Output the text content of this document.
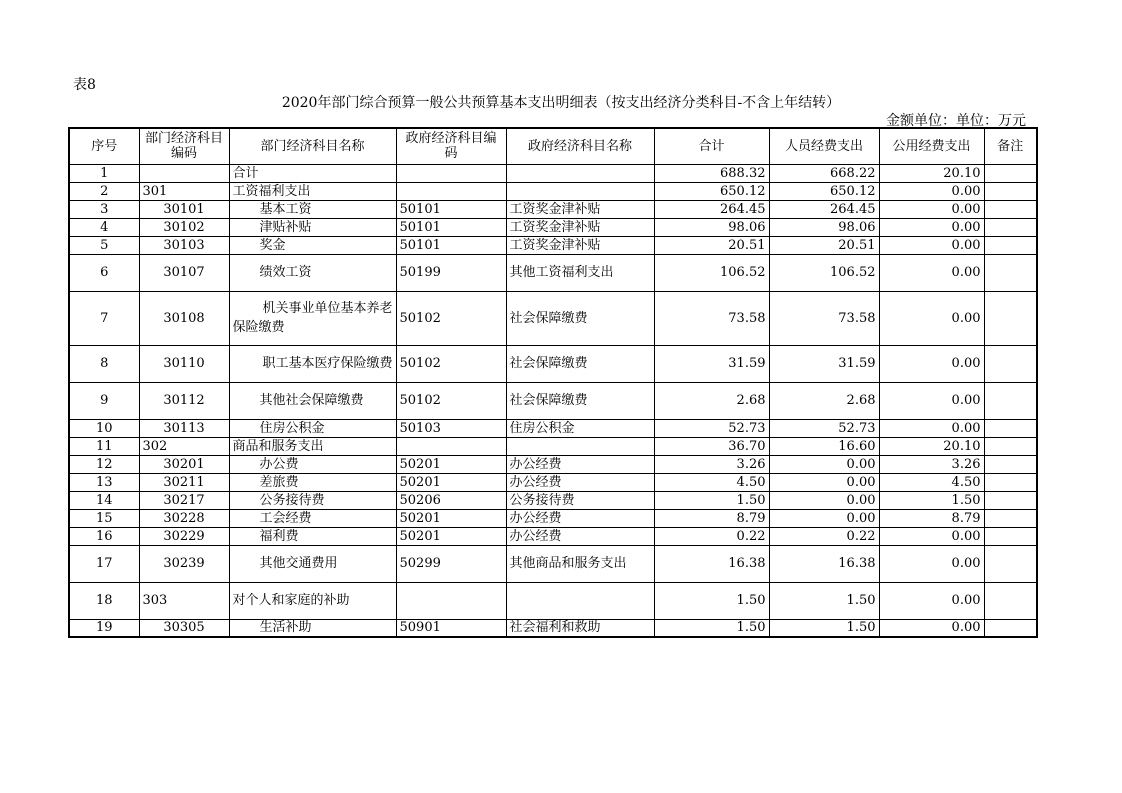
表8
2020年部门综合预算一般公共预算基本支出明细表（按支出经济分类科目-不含上年结转）
金额单位：单位：万元
序号	部门经济科目编码	部门经济科目名称	政府经济科目编码	政府经济科目名称	合计	人员经费支出	公用经费支出	备注
1		合计			688.32	668.22	20.10	
2	301	工资福利支出			650.12	650.12	0.00	
3	30101	基本工资	50101	工资奖金津补贴	264.45	264.45	0.00	
4	30102	津贴补贴	50101	工资奖金津补贴	98.06	98.06	0.00	
5	30103	奖金	50101	工资奖金津补贴	20.51	20.51	0.00	
6	30107	绩效工资	50199	其他工资福利支出	106.52	106.52	0.00	
7	30108	机关事业单位基本养老保险缴费	50102	社会保障缴费	73.58	73.58	0.00	
8	30110	职工基本医疗保险缴费	50102	社会保障缴费	31.59	31.59	0.00	
9	30112	其他社会保障缴费	50102	社会保障缴费	2.68	2.68	0.00	
10	30113	住房公积金	50103	住房公积金	52.73	52.73	0.00	
11	302	商品和服务支出			36.70	16.60	20.10	
12	30201	办公费	50201	办公经费	3.26	0.00	3.26	
13	30211	差旅费	50201	办公经费	4.50	0.00	4.50	
14	30217	公务接待费	50206	公务接待费	1.50	0.00	1.50	
15	30228	工会经费	50201	办公经费	8.79	0.00	8.79	
16	30229	福利费	50201	办公经费	0.22	0.22	0.00	
17	30239	其他交通费用	50299	其他商品和服务支出	16.38	16.38	0.00	
18	303	对个人和家庭的补助			1.50	1.50	0.00	
19	30305	生活补助	50901	社会福利和救助	1.50	1.50	0.00	
